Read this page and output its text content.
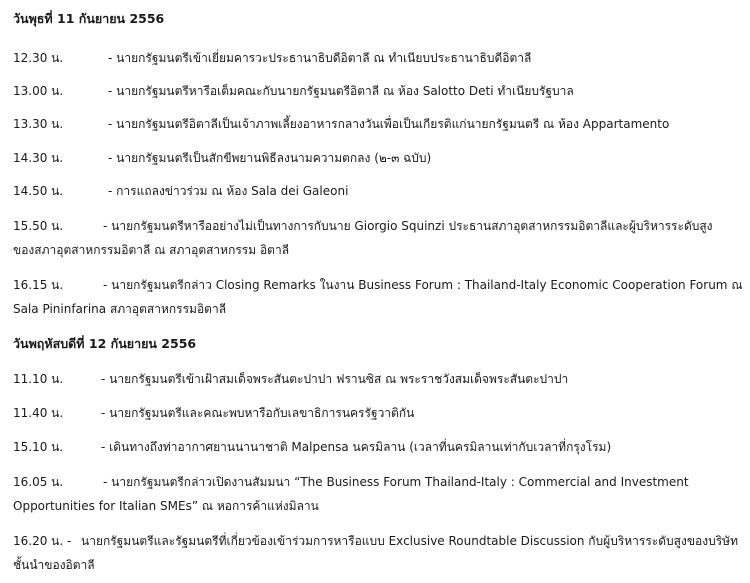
วันพุธที่ 11 กันยายน 2556
12.30 น.	- นายกรัฐมนตรีเข้าเยี่ยมคารวะประธานาธิบดีอิตาลี ณ ทำเนียบประธานาธิบดีอิตาลี
13.00 น.	- นายกรัฐมนตรีหารือเต็มคณะกับนายกรัฐมนตรีอิตาลี ณ ห้อง Salotto Deti ทำเนียบรัฐบาล
13.30 น.	- นายกรัฐมนตรีอิตาลีเป็นเจ้าภาพเลี้ยงอาหารกลางวันเพื่อเป็นเกียรติแก่นายกรัฐมนตรี ณ ห้อง Appartamento
14.30 น.	- นายกรัฐมนตรีเป็นสักขีพยานพิธีลงนามความตกลง (๒-๓ ฉบับ)
14.50 น.	- การแถลงข่าวร่วม ณ ห้อง Sala dei Galeoni
15.50 น.	- นายกรัฐมนตรีหารืออย่างไม่เป็นทางการกับนาย Giorgio Squinzi ประธานสภาอุตสาหกรรมอิตาลีและผู้บริหารระดับสูง
ของสภาอุตสาหกรรมอิตาลี ณ สภาอุตสาหกรรม อิตาลี
16.15 น.	- นายกรัฐมนตรีกล่าว Closing Remarks ในงาน Business Forum : Thailand-Italy Economic Cooperation Forum ณ
Sala Pininfarina สภาอุตสาหกรรมอิตาลี
วันพฤหัสบดีที่ 12 กันยายน 2556
11.10 น.	- นายกรัฐมนตรีเข้าเฝ้าสมเด็จพระสันตะปาปา ฟรานซิส ณ พระราชวังสมเด็จพระสันตะปาปา
11.40 น.	- นายกรัฐมนตรีและคณะพบหารือกับเลขาธิการนครรัฐวาติกัน
15.10 น.	- เดินทางถึงท่าอากาศยานนานาชาติ Malpensa นครมิลาน (เวลาที่นครมิลานเท่ากับเวลาที่กรุงโรม)
16.05 น.	- นายกรัฐมนตรีกล่าวเปิดงานสัมมนา “The Business Forum Thailand-Italy : Commercial and Investment
Opportunities for Italian SMEs” ณ หอการค้าแห่งมิลาน
16.20 น. - นายกรัฐมนตรีและรัฐมนตรีที่เกี่ยวข้องเข้าร่วมการหารือแบบ Exclusive Roundtable Discussion กับผู้บริหารระดับสูงของบริษัท
ชั้นนำของอิตาลี
